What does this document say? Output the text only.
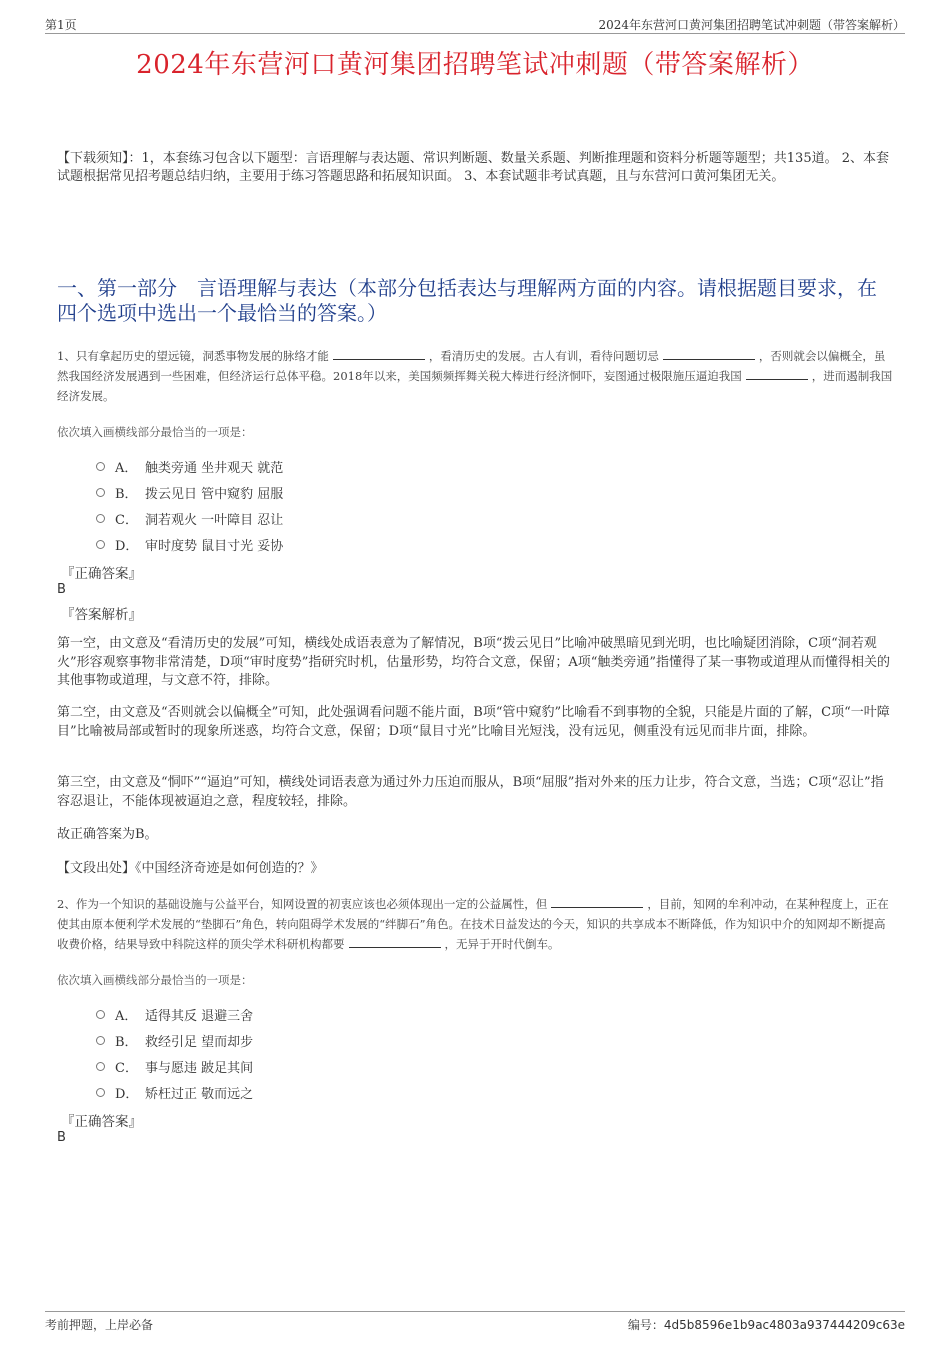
第1页	2024年东营河口黄河集团招聘笔试冲刺题（带答案解析）
2024年东营河口黄河集团招聘笔试冲刺题（带答案解析）
【下载须知】：1，本套练习包含以下题型：言语理解与表达题、常识判断题、数量关系题、判断推理题和资料分析题等题型；共135道。 2、本套试题根据常见招考题总结归纳，主要用于练习答题思路和拓展知识面。 3、本套试题非考试真题，且与东营河口黄河集团无关。
一、第一部分　言语理解与表达（本部分包括表达与理解两方面的内容。请根据题目要求，在四个选项中选出一个最恰当的答案。）
1、只有拿起历史的望远镜，洞悉事物发展的脉络才能	，看清历史的发展。古人有训，看待问题切忌	，否则就会以偏概全，虽然我国经济发展遇到一些困难，但经济运行总体平稳。2018年以来，美国频频挥舞关税大棒进行经济恫吓，妄图通过极限施压逼迫我国	，进而遏制我国经济发展。
依次填入画横线部分最恰当的一项是：
A． 触类旁通 坐井观天 就范
B． 拨云见日 管中窥豹 屈服
C． 洞若观火 一叶障目 忍让
D． 审时度势 鼠目寸光 妥协
『正确答案』
B
『答案解析』
第一空，由文意及“看清历史的发展”可知，横线处成语表意为了解情况，B项“拨云见日”比喻冲破黑暗见到光明，也比喻疑团消除，C项“洞若观火”形容观察事物非常清楚，D项“审时度势”指研究时机，估量形势，均符合文意，保留；A项“触类旁通”指懂得了某一事物或道理从而懂得相关的其他事物或道理，与文意不符，排除。
第二空，由文意及“否则就会以偏概全”可知，此处强调看问题不能片面，B项“管中窥豹”比喻看不到事物的全貌，只能是片面的了解，C项“一叶障目”比喻被局部或暂时的现象所迷惑，均符合文意，保留；D项“鼠目寸光”比喻目光短浅，没有远见，侧重没有远见而非片面，排除。
第三空，由文意及“恫吓”“逼迫”可知，横线处词语表意为通过外力压迫而服从，B项“屈服”指对外来的压力让步，符合文意，当选；C项“忍让”指容忍退让，不能体现被逼迫之意，程度较轻，排除。
故正确答案为B。
【文段出处】《中国经济奇迹是如何创造的？》
2、作为一个知识的基础设施与公益平台，知网设置的初衷应该也必须体现出一定的公益属性，但	，目前，知网的牟利冲动，在某种程度上，正在使其由原本便利学术发展的“垫脚石”角色，转向阻碍学术发展的“绊脚石”角色。在技术日益发达的今天，知识的共享成本不断降低，作为知识中介的知网却不断提高收费价格，结果导致中科院这样的顶尖学术科研机构都要	，无异于开时代倒车。
依次填入画横线部分最恰当的一项是：
A． 适得其反 退避三舍
B． 救经引足 望而却步
C． 事与愿违 跛足其间
D． 矫枉过正 敬而远之
『正确答案』
B
考前押题，上岸必备	编号：4d5b8596e1b9ac4803a937444209c63e
